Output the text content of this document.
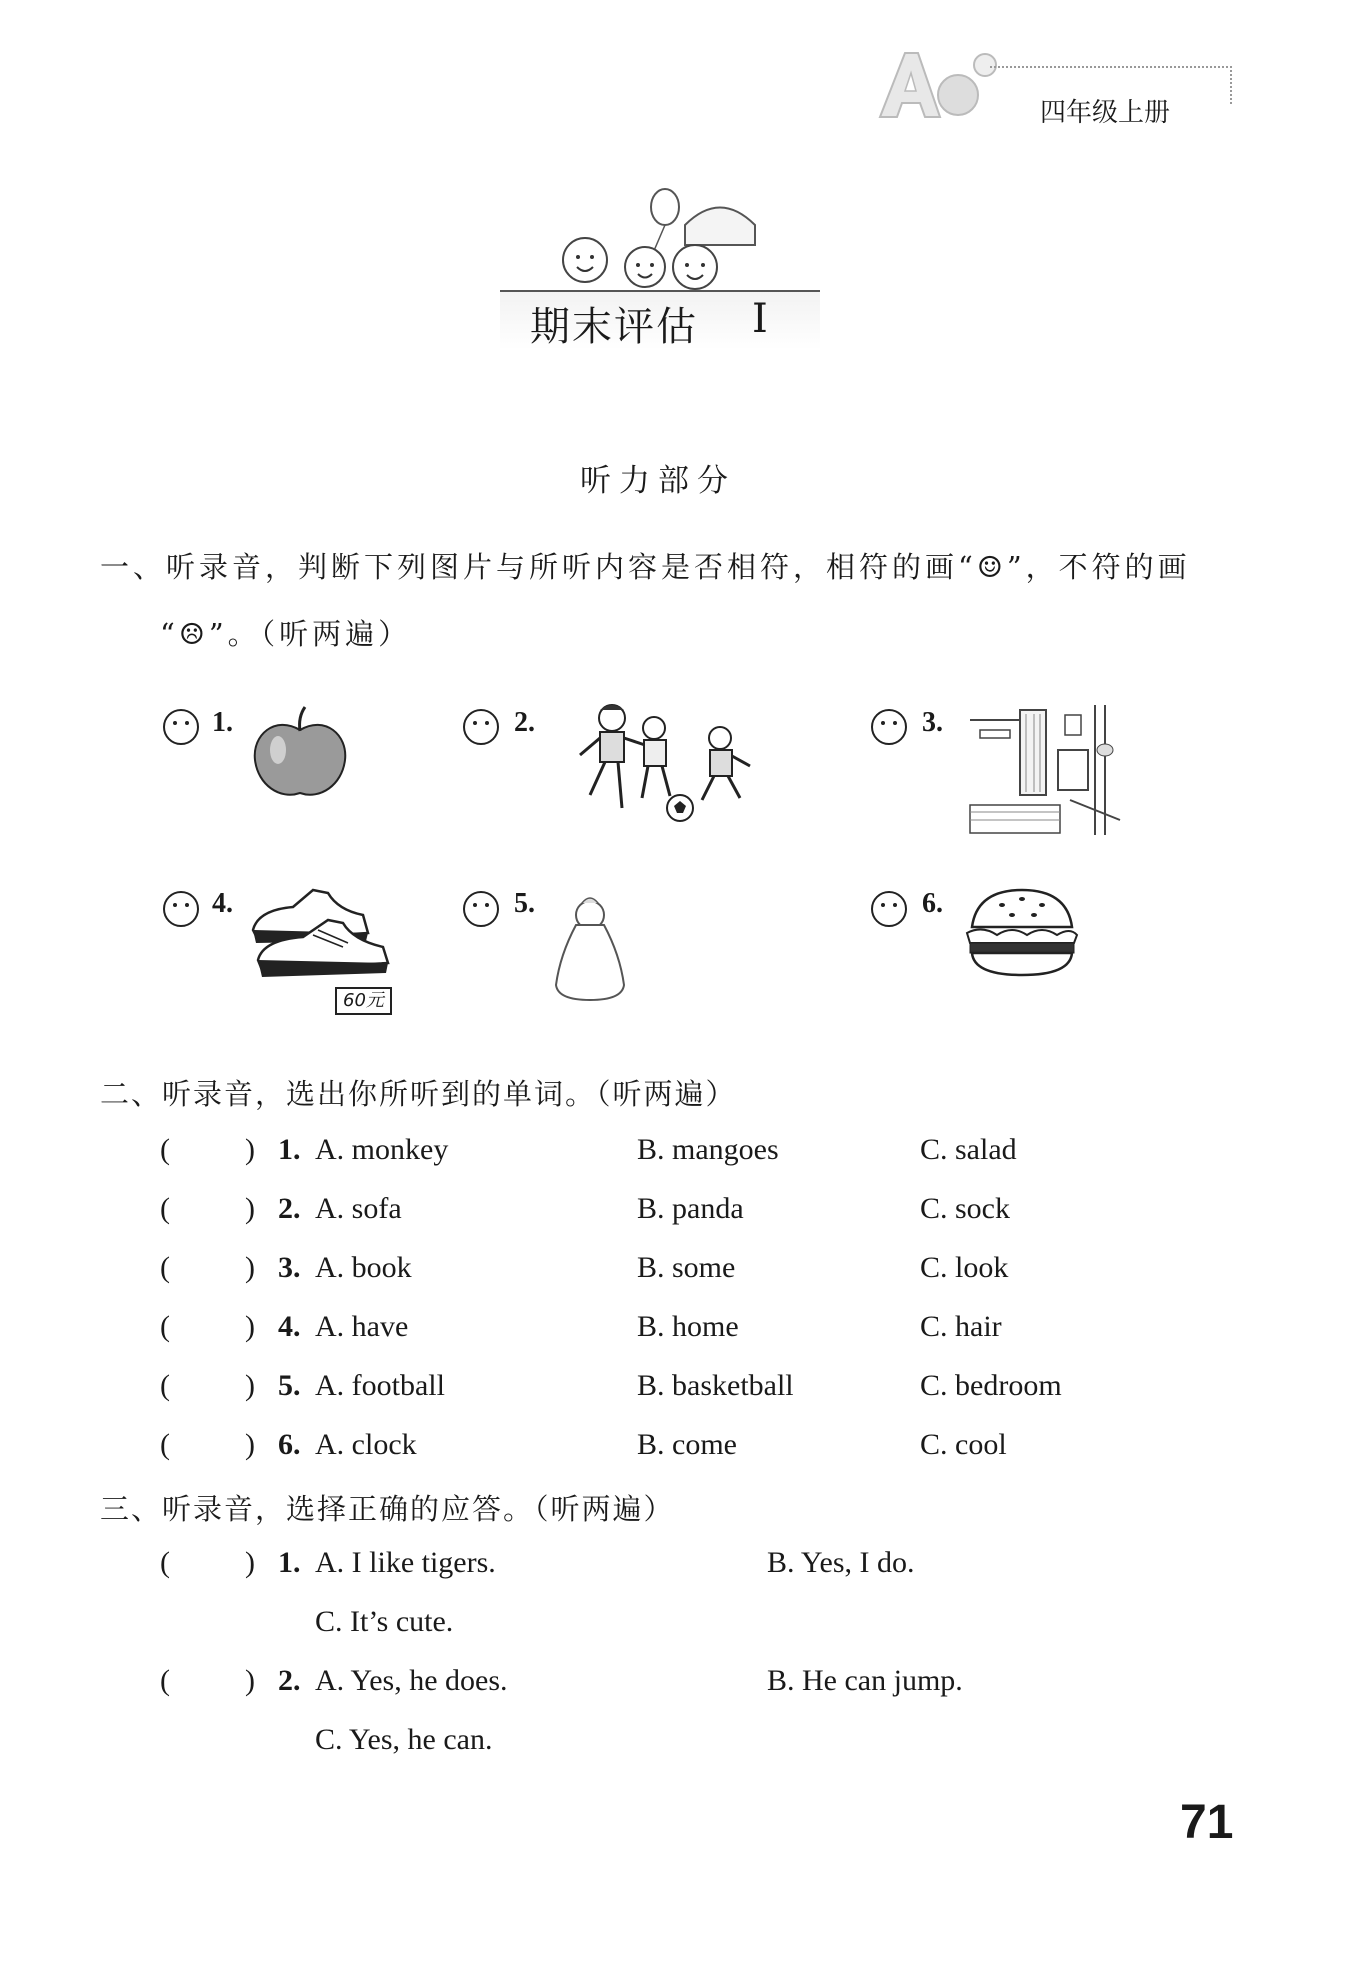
四年级上册
期末评估 Ⅰ
听力部分
一、听录音，判断下列图片与所听内容是否相符，相符的画“☺”，不符的画
“☹”。（听两遍）
1.	2.	3.
4.
60元
5.	6.
二、听录音，选出你所听到的单词。（听两遍）
(	) 1. A. monkey	B. mangoes	C. salad
(	) 2. A. sofa	B. panda	C. sock
(	) 3. A. book	B. some	C. look
(	) 4. A. have	B. home	C. hair
(	) 5. A. football	B. basketball	C. bedroom
(	) 6. A. clock	B. come	C. cool
三、听录音，选择正确的应答。（听两遍）
(	) 1. A. I like tigers.	B. Yes, I do.
C. It’s cute.
(	) 2. A. Yes, he does.	B. He can jump.
C. Yes, he can.
71
